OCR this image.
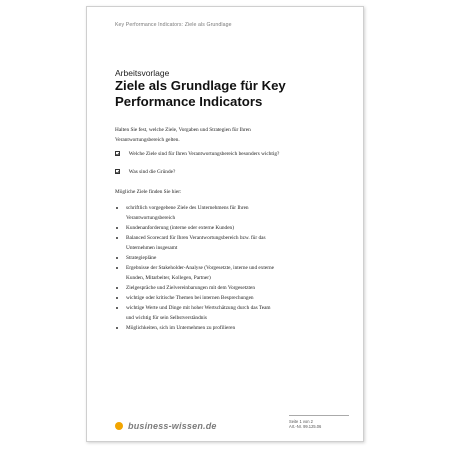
Key Performance Indicators: Ziele als Grundlage
Arbeitsvorlage
Ziele als Grundlage für Key Performance Indicators
Halten Sie fest, welche Ziele, Vorgaben und Strategien für Ihren
Verantwortungsbereich gelten.
Welche Ziele sind für Ihren Verantwortungsbereich besonders wichtig?
Was sind die Gründe?
Mögliche Ziele finden Sie hier:
schriftlich vorgegebene Ziele des Unternehmens für Ihren
Verantwortungsbereich
Kundenanforderung (interne oder externe Kunden)
Balanced Scorecard für Ihren Verantwortungsbereich bzw. für das
Unternehmen insgesamt
Strategiepläne
Ergebnisse der Stakeholder-Analyse (Vorgesetzte, interne und externe
Kunden, Mitarbeiter, Kollegen, Partner)
Zielgespräche und Zielvereinbarungen mit dem Vorgesetzten
wichtige oder kritische Themen bei internen Besprechungen
wichtige Werte und Dinge mit hoher Wertschätzung durch das Team
und wichtig für sein Selbstverständnis
Möglichkeiten, sich im Unternehmen zu profilieren
business-wissen.de	Seite 1 von 2
Art.-Nr. 99.125.06
